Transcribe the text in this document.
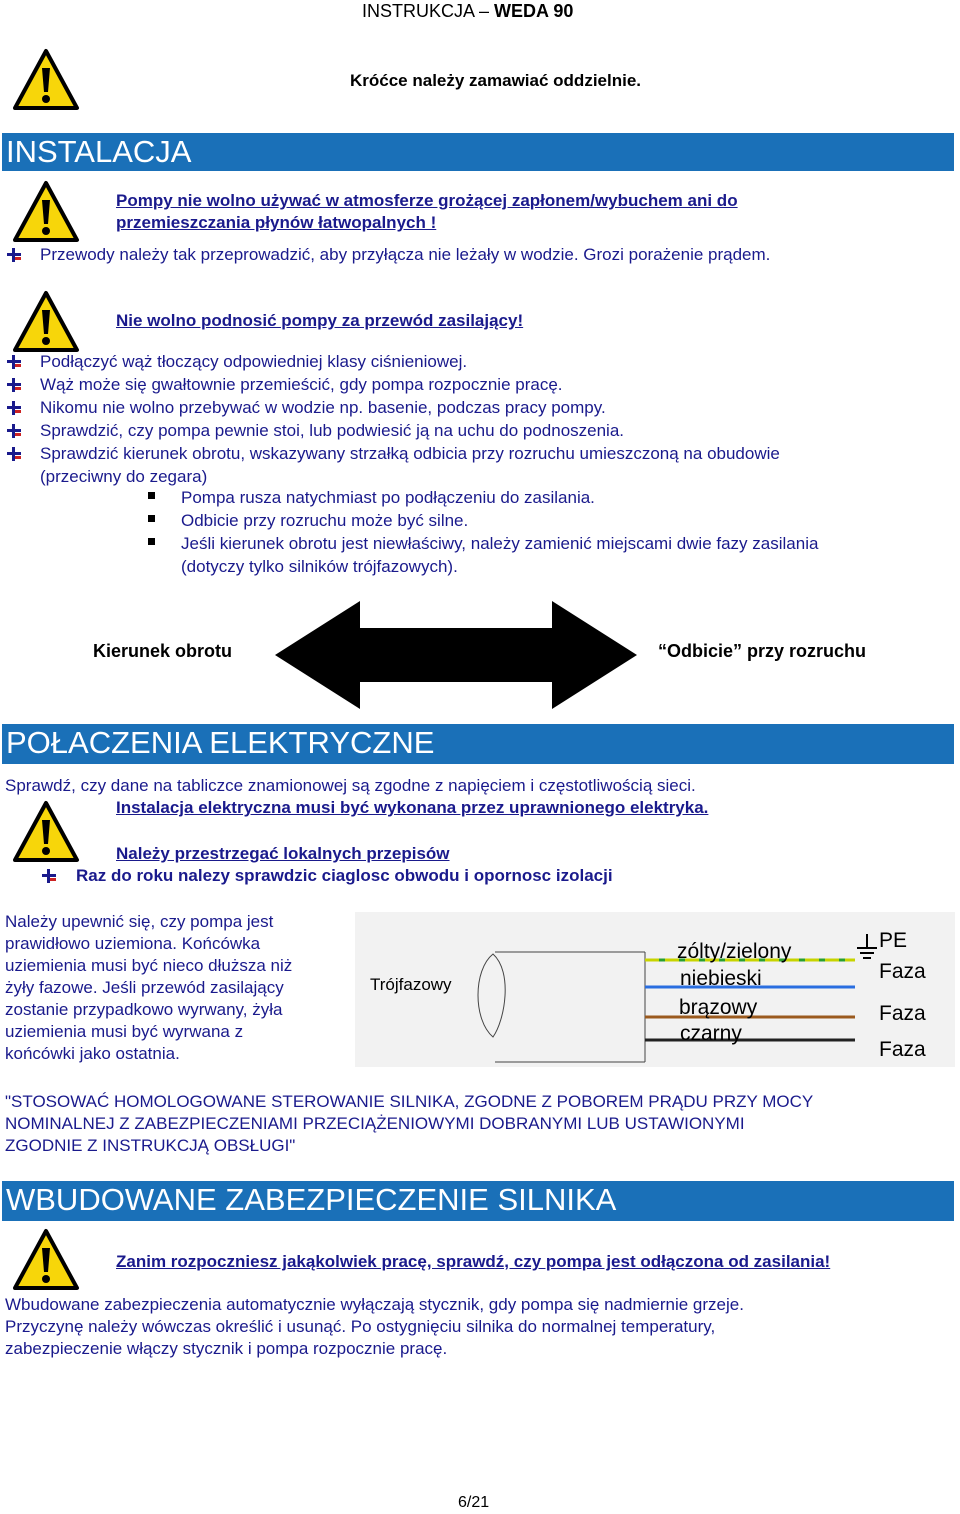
INSTRUKCJA – WEDA 90
Króćce należy zamawiać oddzielnie.
INSTALACJA
Pompy nie wolno używać w atmosferze grożącej zapłonem/wybuchem ani do
przemieszczania płynów łatwopalnych !
Przewody należy tak przeprowadzić, aby przyłącza nie leżały w wodzie. Grozi porażenie prądem.
Nie wolno podnosić pompy za przewód zasilający!
Podłączyć wąż tłoczący odpowiedniej klasy ciśnieniowej.
Wąż może się gwałtownie przemieścić, gdy pompa rozpocznie pracę.
Nikomu nie wolno przebywać w wodzie np. basenie, podczas pracy pompy.
Sprawdzić, czy pompa pewnie stoi, lub podwiesić ją na uchu do podnoszenia.
Sprawdzić kierunek obrotu, wskazywany strzałką odbicia przy rozruchu umieszczoną na obudowie
(przeciwny do zegara)
Pompa rusza natychmiast po podłączeniu do zasilania.
Odbicie przy rozruchu może być silne.
Jeśli kierunek obrotu jest niewłaściwy, należy zamienić miejscami dwie fazy zasilania
(dotyczy tylko silników trójfazowych).
Kierunek obrotu	“Odbicie” przy rozruchu
POŁACZENIA ELEKTRYCZNE
Sprawdź, czy dane na tabliczce znamionowej są zgodne z napięciem i częstotliwością sieci.
Instalacja elektryczna musi być wykonana przez uprawnionego elektryka.
Należy przestrzegać lokalnych przepisów
Raz do roku nalezy sprawdzic ciaglosc obwodu i opornosc izolacji
Należy upewnić się, czy pompa jest
prawidłowo uziemiona. Końcówka
uziemienia musi być nieco dłuższa niż
żyły fazowe. Jeśli przewód zasilający
zostanie przypadkowo wyrwany, żyła
uziemienia musi być wyrwana z
końcówki jako ostatnia.
Trójfazowy
zólty/zielony
niebieski
brązowy
czarny
PE
Faza
Faza
Faza
"STOSOWAĆ HOMOLOGOWANE STEROWANIE SILNIKA, ZGODNE Z POBOREM PRĄDU PRZY MOCY
NOMINALNEJ Z ZABEZPIECZENIAMI PRZECIĄŻENIOWYMI DOBRANYMI LUB USTAWIONYMI
ZGODNIE Z INSTRUKCJĄ OBSŁUGI"
WBUDOWANE ZABEZPIECZENIE SILNIKA
Zanim rozpoczniesz jakąkolwiek pracę, sprawdź, czy pompa jest odłączona od zasilania!
Wbudowane zabezpieczenia automatycznie wyłączają stycznik, gdy pompa się nadmiernie grzeje.
Przyczynę należy wówczas określić i usunąć. Po ostygnięciu silnika do normalnej temperatury,
zabezpieczenie włączy stycznik i pompa rozpocznie pracę.
6/21
